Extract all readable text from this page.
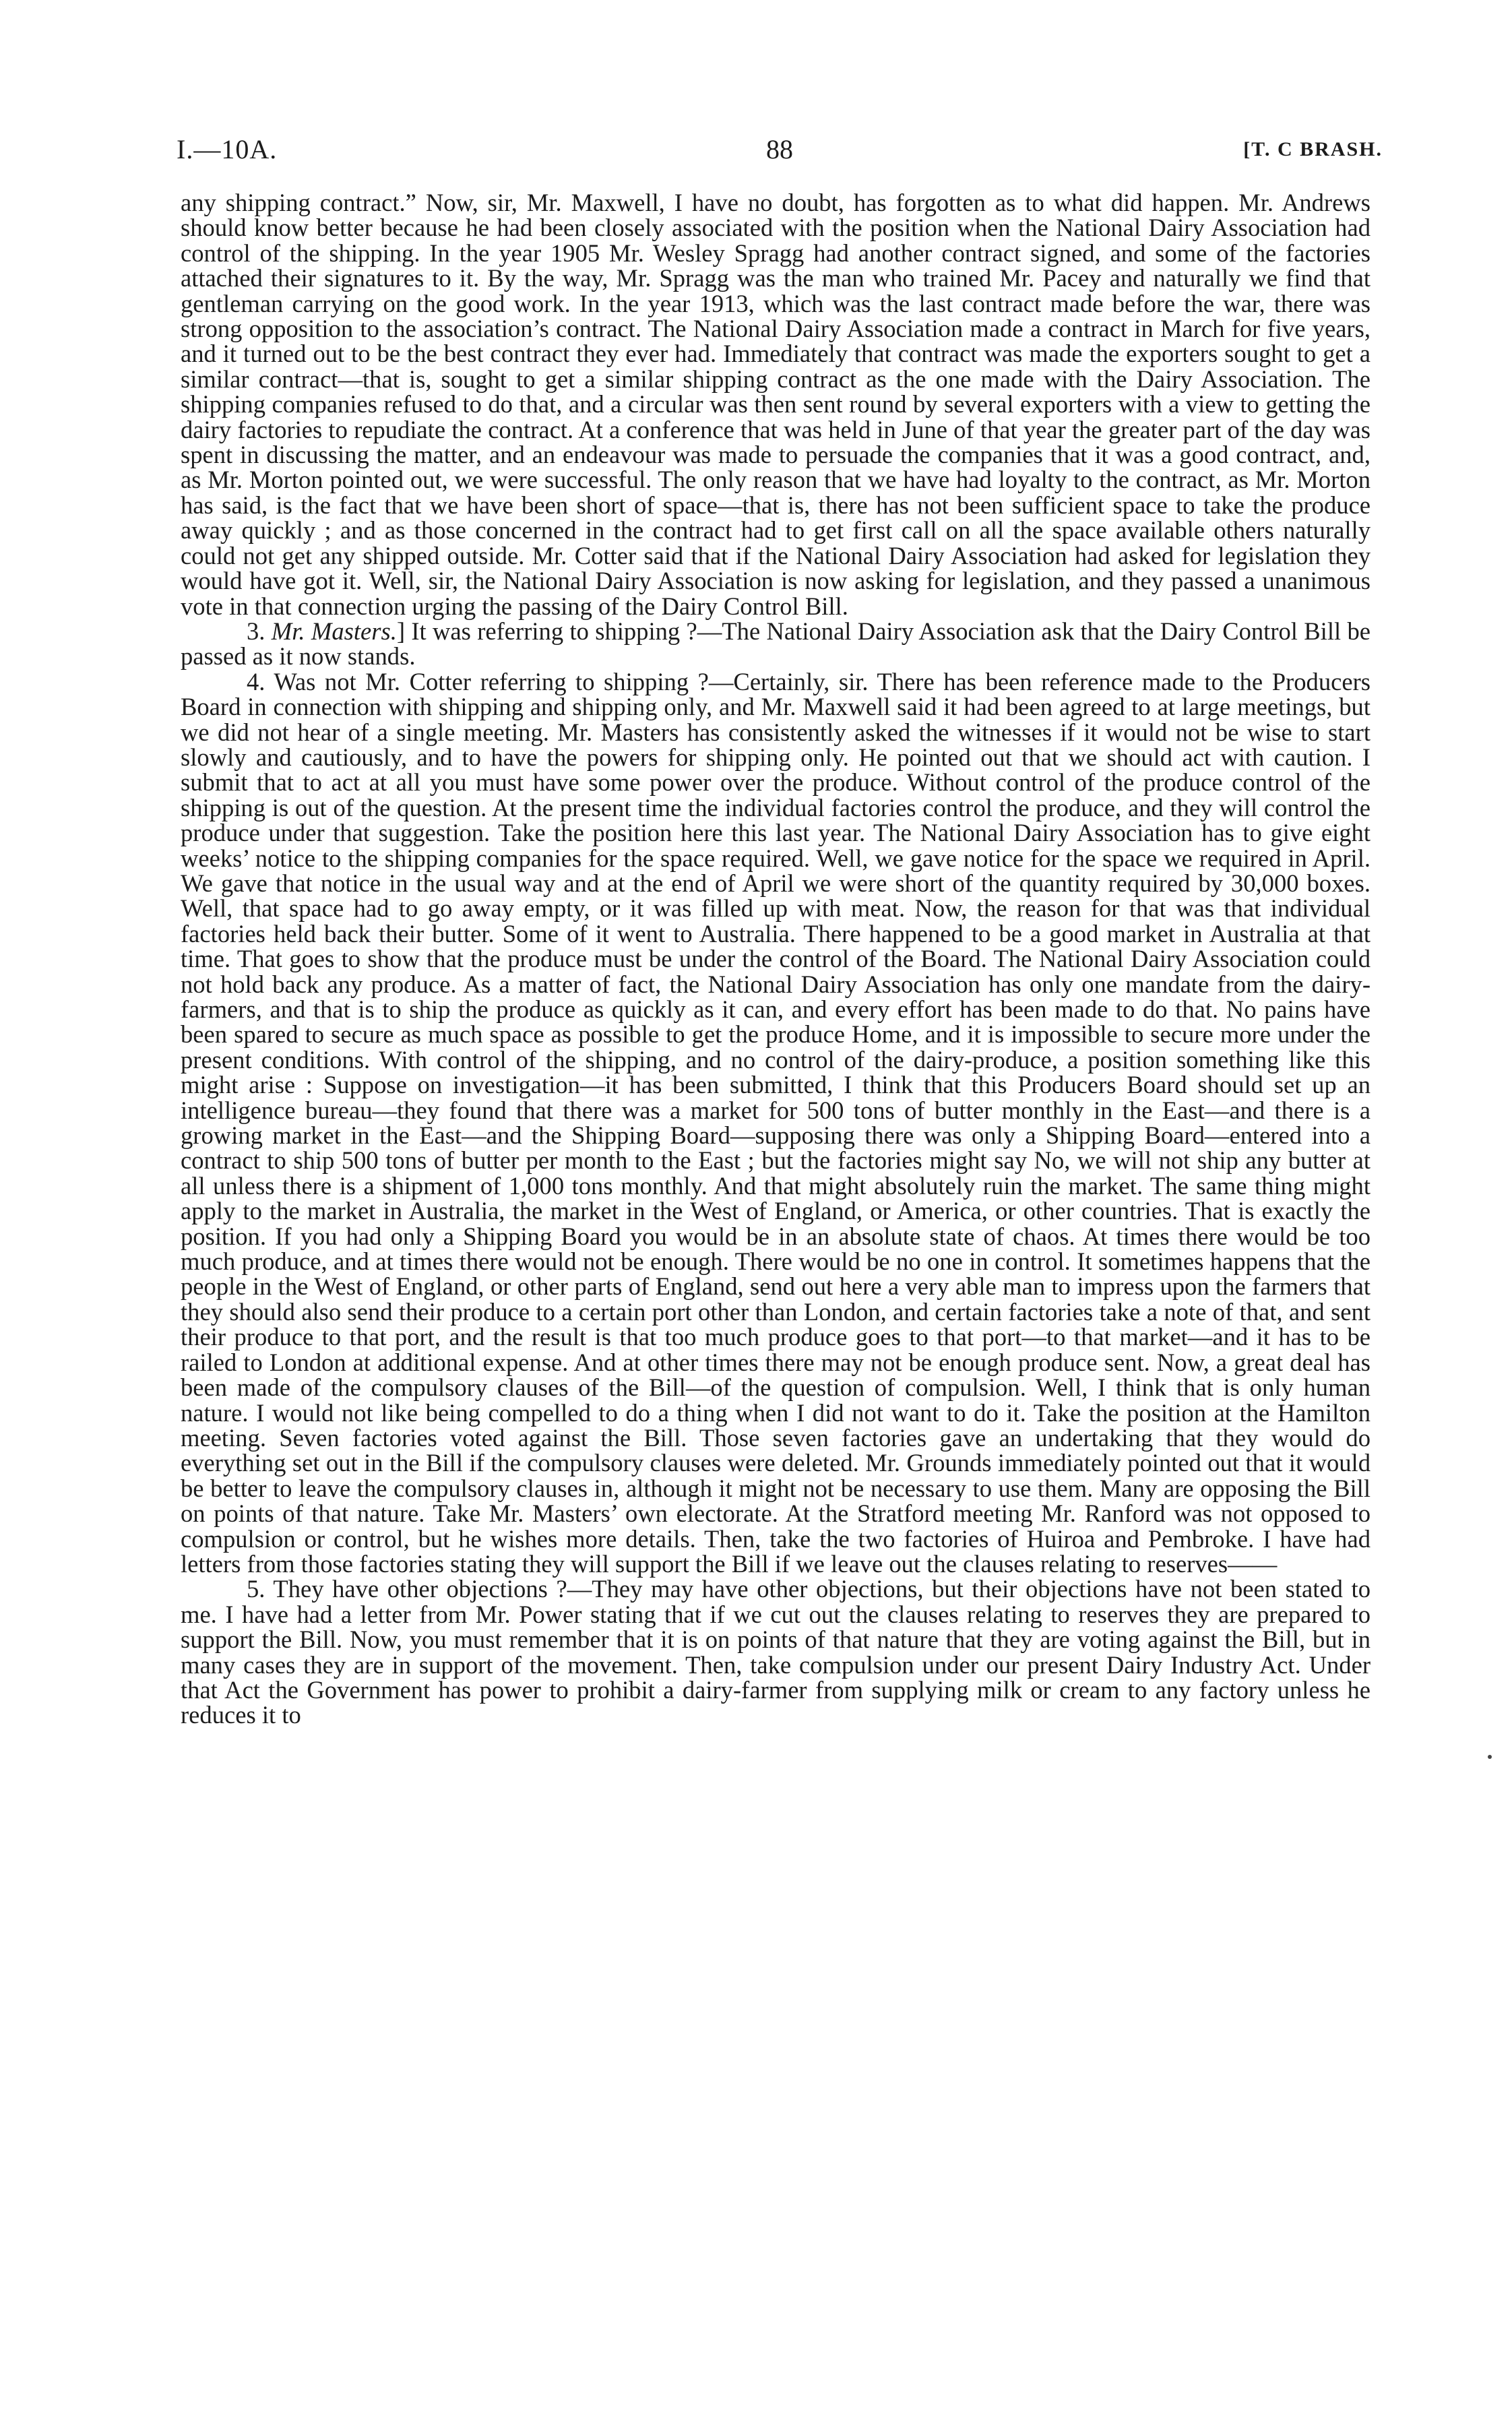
I.—10A.	88	[T. C BRASH.

any shipping contract.” Now, sir, Mr. Maxwell, I have no doubt, has forgotten as to what did happen. Mr. Andrews should know better because he had been closely associated with the position when the National Dairy Association had control of the shipping. In the year 1905 Mr. Wesley Spragg had another contract signed, and some of the factories attached their signatures to it. By the way, Mr. Spragg was the man who trained Mr. Pacey and naturally we find that gentleman carrying on the good work. In the year 1913, which was the last contract made before the war, there was strong opposition to the association’s contract. The National Dairy Association made a contract in March for five years, and it turned out to be the best contract they ever had. Immediately that contract was made the exporters sought to get a similar contract—that is, sought to get a similar shipping contract as the one made with the Dairy Association. The shipping companies refused to do that, and a circular was then sent round by several exporters with a view to getting the dairy factories to repudiate the contract. At a conference that was held in June of that year the greater part of the day was spent in discussing the matter, and an endeavour was made to persuade the companies that it was a good contract, and, as Mr. Morton pointed out, we were successful. The only reason that we have had loyalty to the contract, as Mr. Morton has said, is the fact that we have been short of space—that is, there has not been sufficient space to take the produce away quickly ; and as those concerned in the contract had to get first call on all the space available others naturally could not get any shipped outside. Mr. Cotter said that if the National Dairy Association had asked for legislation they would have got it. Well, sir, the National Dairy Association is now asking for legislation, and they passed a unanimous vote in that connection urging the passing of the Dairy Control Bill.

3. Mr. Masters.] It was referring to shipping ?—The National Dairy Association ask that the Dairy Control Bill be passed as it now stands.

4. Was not Mr. Cotter referring to shipping ?—Certainly, sir. There has been reference made to the Producers Board in connection with shipping and shipping only, and Mr. Maxwell said it had been agreed to at large meetings, but we did not hear of a single meeting. Mr. Masters has consistently asked the witnesses if it would not be wise to start slowly and cautiously, and to have the powers for shipping only. He pointed out that we should act with caution. I submit that to act at all you must have some power over the produce. Without control of the produce control of the shipping is out of the question. At the present time the individual factories control the produce, and they will control the produce under that suggestion. Take the position here this last year. The National Dairy Association has to give eight weeks’ notice to the shipping companies for the space required. Well, we gave notice for the space we required in April. We gave that notice in the usual way and at the end of April we were short of the quantity required by 30,000 boxes. Well, that space had to go away empty, or it was filled up with meat. Now, the reason for that was that individual factories held back their butter. Some of it went to Australia. There happened to be a good market in Australia at that time. That goes to show that the produce must be under the control of the Board. The National Dairy Association could not hold back any produce. As a matter of fact, the National Dairy Association has only one mandate from the dairy-farmers, and that is to ship the produce as quickly as it can, and every effort has been made to do that. No pains have been spared to secure as much space as possible to get the produce Home, and it is impossible to secure more under the present conditions. With control of the shipping, and no control of the dairy-produce, a position something like this might arise : Suppose on investigation—it has been submitted, I think that this Producers Board should set up an intelligence bureau—they found that there was a market for 500 tons of butter monthly in the East—and there is a growing market in the East—and the Shipping Board—supposing there was only a Shipping Board—entered into a contract to ship 500 tons of butter per month to the East ; but the factories might say No, we will not ship any butter at all unless there is a shipment of 1,000 tons monthly. And that might absolutely ruin the market. The same thing might apply to the market in Australia, the market in the West of England, or America, or other countries. That is exactly the position. If you had only a Shipping Board you would be in an absolute state of chaos. At times there would be too much produce, and at times there would not be enough. There would be no one in control. It sometimes happens that the people in the West of England, or other parts of England, send out here a very able man to impress upon the farmers that they should also send their produce to a certain port other than London, and certain factories take a note of that, and sent their produce to that port, and the result is that too much produce goes to that port—to that market—and it has to be railed to London at additional expense. And at other times there may not be enough produce sent. Now, a great deal has been made of the compulsory clauses of the Bill—of the question of compulsion. Well, I think that is only human nature. I would not like being compelled to do a thing when I did not want to do it. Take the position at the Hamilton meeting. Seven factories voted against the Bill. Those seven factories gave an undertaking that they would do everything set out in the Bill if the compulsory clauses were deleted. Mr. Grounds immediately pointed out that it would be better to leave the compulsory clauses in, although it might not be necessary to use them. Many are opposing the Bill on points of that nature. Take Mr. Masters’ own electorate. At the Stratford meeting Mr. Ranford was not opposed to compulsion or control, but he wishes more details. Then, take the two factories of Huiroa and Pembroke. I have had letters from those factories stating they will support the Bill if we leave out the clauses relating to reserves——

5. They have other objections ?—They may have other objections, but their objections have not been stated to me. I have had a letter from Mr. Power stating that if we cut out the clauses relating to reserves they are prepared to support the Bill. Now, you must remember that it is on points of that nature that they are voting against the Bill, but in many cases they are in support of the movement. Then, take compulsion under our present Dairy Industry Act. Under that Act the Government has power to prohibit a dairy-farmer from supplying milk or cream to any factory unless he reduces it to
